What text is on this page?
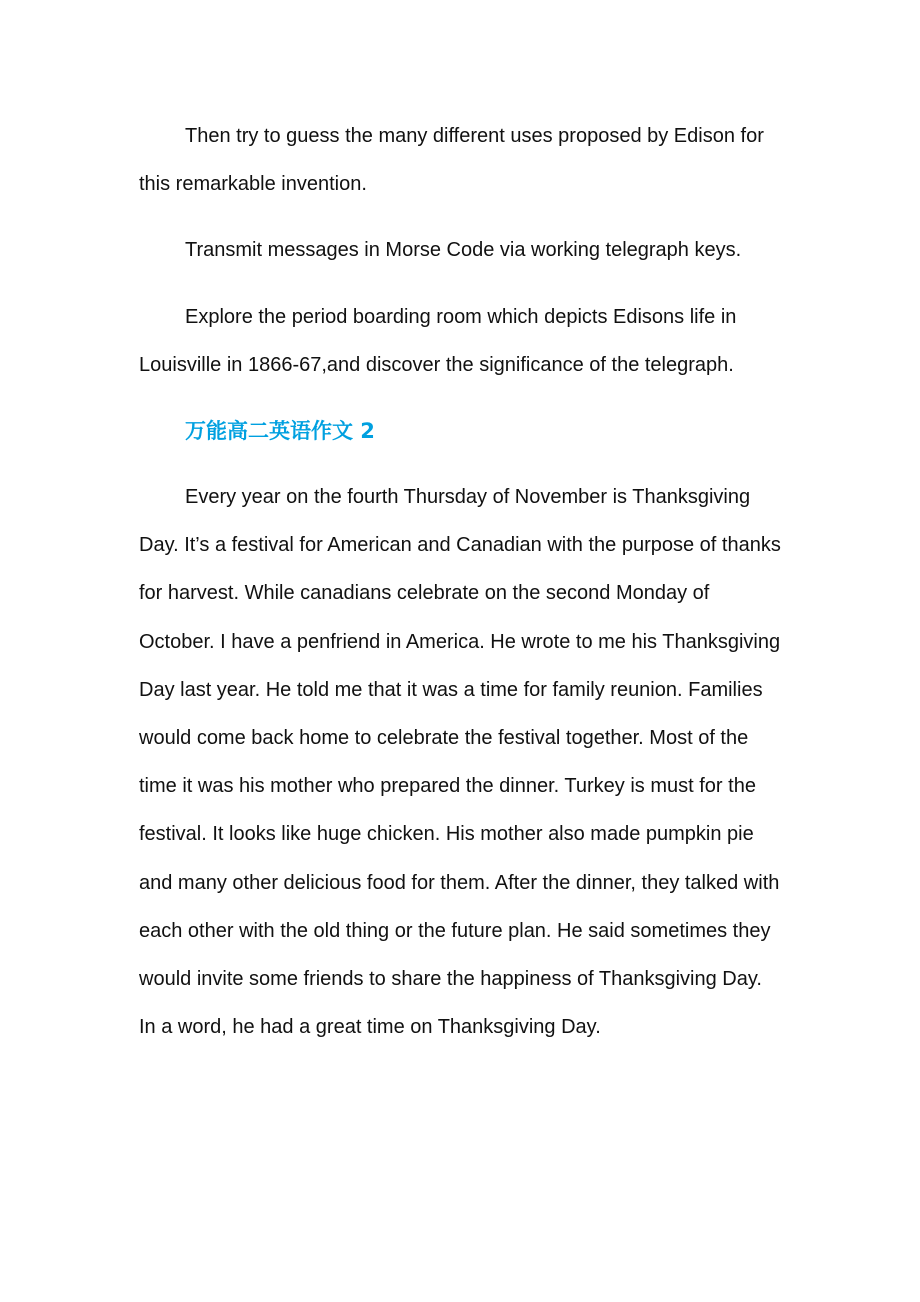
Then try to guess the many different uses proposed by Edison for this remarkable invention.

Transmit messages in Morse Code via working telegraph keys.

Explore the period boarding room which depicts Edisons life in Louisville in 1866-67,and discover the significance of the telegraph.

万能高二英语作文 2

Every year on the fourth Thursday of November is Thanksgiving Day. It’s a festival for American and Canadian with the purpose of thanks for harvest. While canadians celebrate on the second Monday of October. I have a penfriend in America. He wrote to me his Thanksgiving Day last year. He told me that it was a time for family reunion. Families would come back home to celebrate the festival together. Most of the time it was his mother who prepared the dinner. Turkey is must for the festival. It looks like huge chicken. His mother also made pumpkin pie and many other delicious food for them. After the dinner, they talked with each other with the old thing or the future plan. He said sometimes they would invite some friends to share the happiness of Thanksgiving Day. In a word, he had a great time on Thanksgiving Day.
